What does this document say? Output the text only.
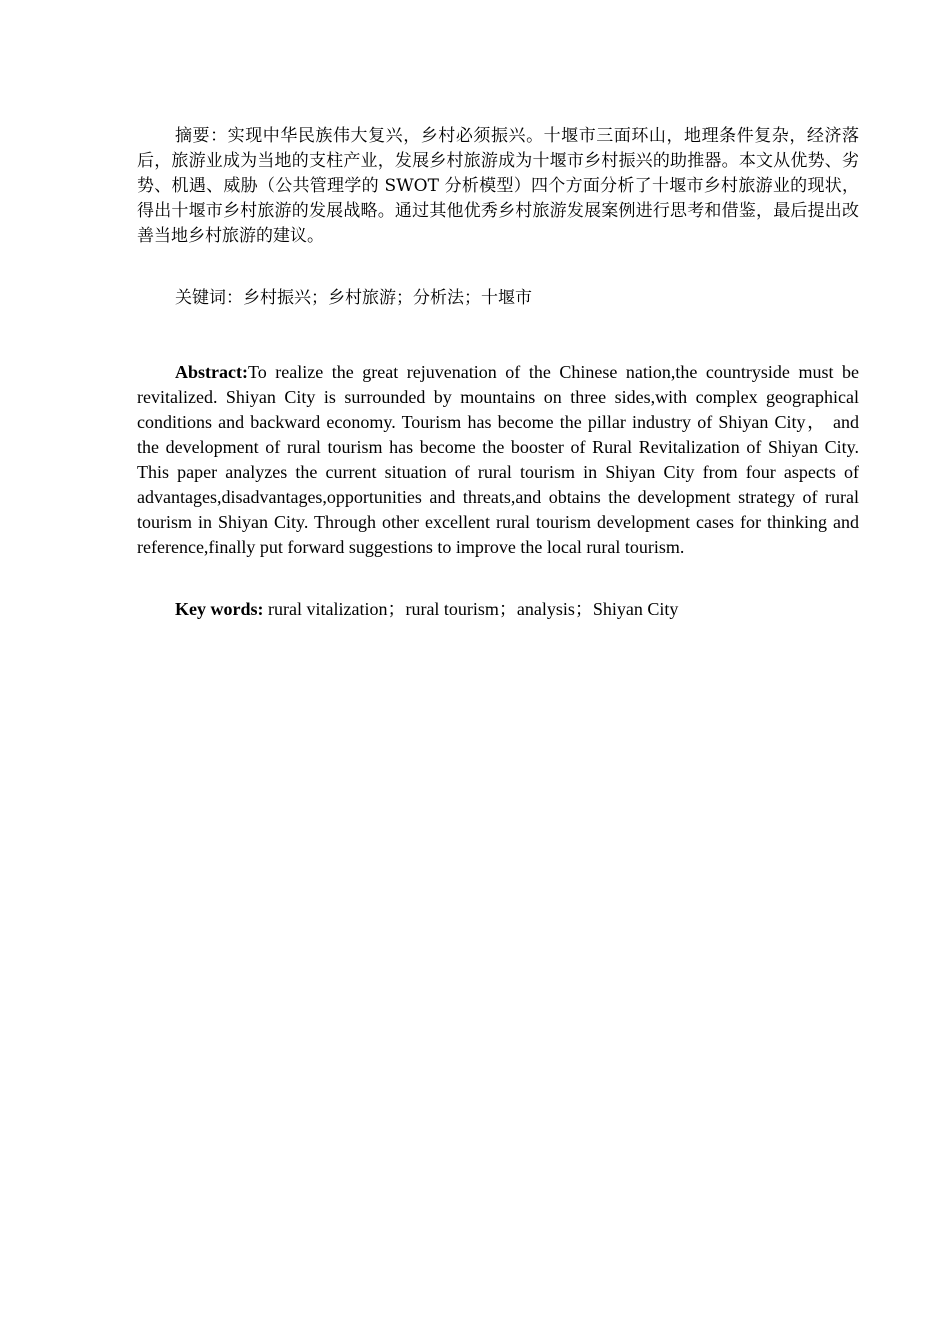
摘要：实现中华民族伟大复兴，乡村必须振兴。十堰市三面环山，地理条件复杂，经济落后，旅游业成为当地的支柱产业，发展乡村旅游成为十堰市乡村振兴的助推器。本文从优势、劣势、机遇、威胁（公共管理学的 SWOT 分析模型）四个方面分析了十堰市乡村旅游业的现状，得出十堰市乡村旅游的发展战略。通过其他优秀乡村旅游发展案例进行思考和借鉴，最后提出改善当地乡村旅游的建议。

关键词：乡村振兴；乡村旅游；分析法；十堰市

Abstract:To realize the great rejuvenation of the Chinese nation,the countryside must be revitalized. Shiyan City is surrounded by mountains on three sides,with complex geographical conditions and backward economy. Tourism has become the pillar industry of Shiyan City， and the development of rural tourism has become the booster of Rural Revitalization of Shiyan City. This paper analyzes the current situation of rural tourism in Shiyan City from four aspects of advantages,disadvantages,opportunities and threats,and obtains the development strategy of rural tourism in Shiyan City. Through other excellent rural tourism development cases for thinking and reference,finally put forward suggestions to improve the local rural tourism.

Key words: rural vitalization；rural tourism；analysis；Shiyan City
